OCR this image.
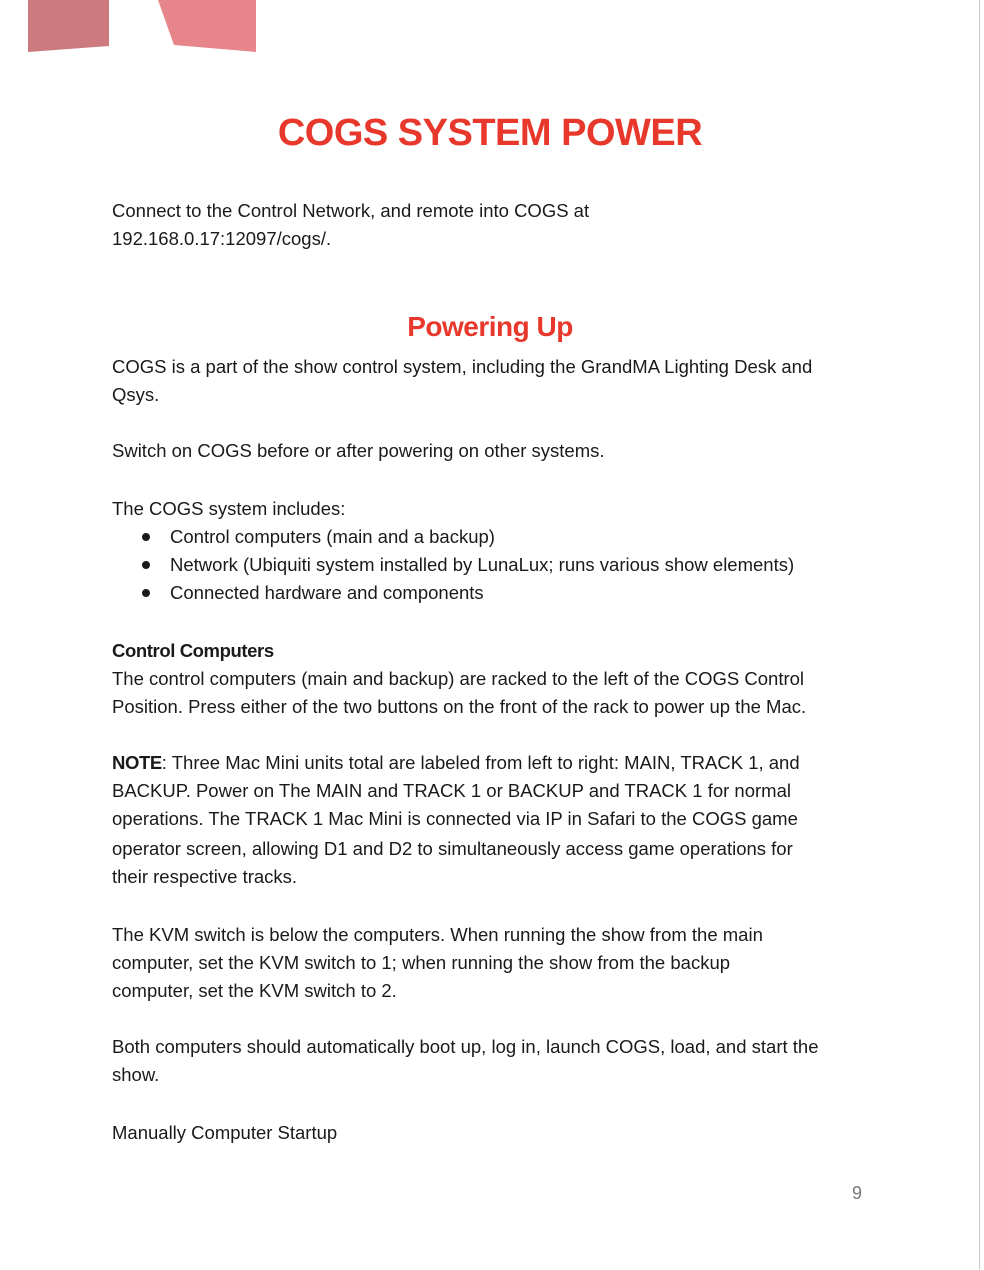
COGS SYSTEM POWER
Connect to the Control Network, and remote into COGS at
192.168.0.17:12097/cogs/.
Powering Up
COGS is a part of the show control system, including the GrandMA Lighting Desk and
Qsys.
Switch on COGS before or after powering on other systems.
The COGS system includes:
Control computers (main and a backup)
Network (Ubiquiti system installed by LunaLux; runs various show elements)
Connected hardware and components
Control Computers
The control computers (main and backup) are racked to the left of the COGS Control
Position. Press either of the two buttons on the front of the rack to power up the Mac.
NOTE: Three Mac Mini units total are labeled from left to right: MAIN, TRACK 1, and
BACKUP. Power on The MAIN and TRACK 1 or BACKUP and TRACK 1 for normal
operations. The TRACK 1 Mac Mini is connected via IP in Safari to the COGS game
operator screen, allowing D1 and D2 to simultaneously access game operations for
their respective tracks.
The KVM switch is below the computers. When running the show from the main
computer, set the KVM switch to 1; when running the show from the backup
computer, set the KVM switch to 2.
Both computers should automatically boot up, log in, launch COGS, load, and start the
show.
Manually Computer Startup
9
